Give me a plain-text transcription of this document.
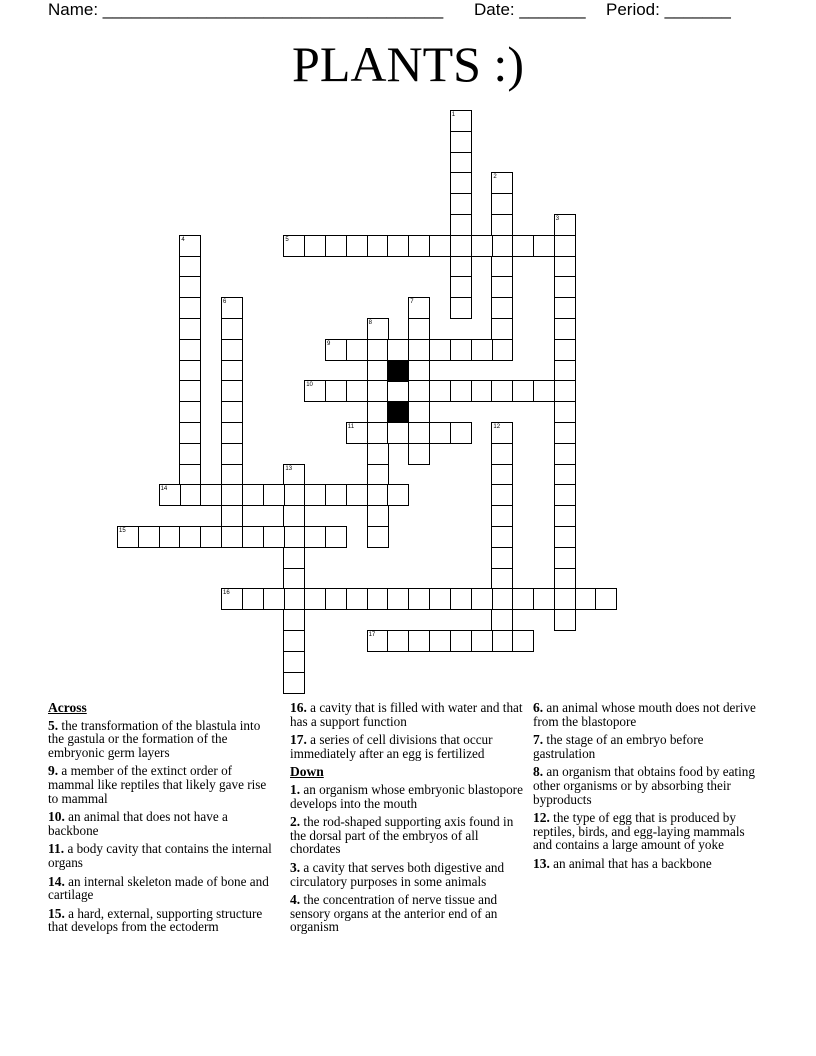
Name: ____________________________________ Date: _______ Period: _______
PLANTS :)
1
2
3
4	5
6	7
8
9
10
11	12
13
14
15
16
17
Across
5. the transformation of the blastula into the gastula or the formation of the embryonic germ layers
9. a member of the extinct order of mammal like reptiles that likely gave rise to mammal
10. an animal that does not have a backbone
11. a body cavity that contains the internal organs
14. an internal skeleton made of bone and cartilage
15. a hard, external, supporting structure that develops from the ectoderm
16. a cavity that is filled with water and that has a support function
17. a series of cell divisions that occur immediately after an egg is fertilized
Down
1. an organism whose embryonic blastopore develops into the mouth
2. the rod-shaped supporting axis found in the dorsal part of the embryos of all chordates
3. a cavity that serves both digestive and circulatory purposes in some animals
4. the concentration of nerve tissue and sensory organs at the anterior end of an organism
6. an animal whose mouth does not derive from the blastopore
7. the stage of an embryo before gastrulation
8. an organism that obtains food by eating other organisms or by absorbing their byproducts
12. the type of egg that is produced by reptiles, birds, and egg-laying mammals and contains a large amount of yoke
13. an animal that has a backbone
